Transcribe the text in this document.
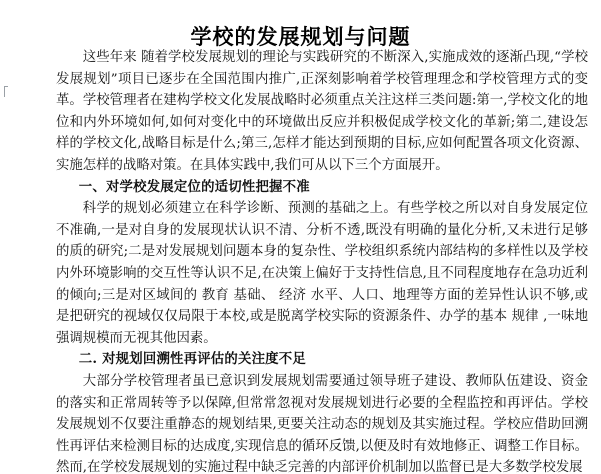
学校的发展规划与问题

这些年来 随着学校发展规划的理论与实践研究的不断深入,实施成效的逐渐凸现,“学校发展规划”项目已逐步在全国范围内推广,正深刻影响着学校管理理念和学校管理方式的变革。学校管理者在建构学校文化发展战略时必须重点关注这样三类问题:第一,学校文化的地位和内外环境如何,如何对变化中的环境做出反应并积极促成学校文化的革新;第二,建设怎样的学校文化,战略目标是什么;第三,怎样才能达到预期的目标,应如何配置各项文化资源、实施怎样的战略对策。在具体实践中,我们可从以下三个方面展开。

一、对学校发展定位的适切性把握不准

科学的规划必须建立在科学诊断、预测的基础之上。有些学校之所以对自身发展定位不准确,一是对自身的发展现状认识不清、分析不透,既没有明确的量化分析,又未进行足够的质的研究;二是对发展规划问题本身的复杂性、学校组织系统内部结构的多样性以及学校内外环境影响的交互性等认识不足,在决策上偏好于支持性信息,且不同程度地存在急功近利的倾向;三是对区域间的 教育 基础、 经济 水平、人口、地理等方面的差异性认识不够,或是把研究的视域仅仅局限于本校,或是脱离学校实际的资源条件、办学的基本 规律 ,一味地强调规模而无视其他因素。

二. 对规划回溯性再评估的关注度不足

大部分学校管理者虽已意识到发展规划需要通过领导班子建设、教师队伍建设、资金的落实和正常周转等予以保障,但常常忽视对发展规划进行必要的全程监控和再评估。学校发展规划不仅要注重静态的规划结果,更要关注动态的规划及其实施过程。学校应借助回溯性再评估来检测目标的达成度,实现信息的循环反馈,以便及时有效地修正、调整工作目标。然而,在学校发展规划的实施过程中缺乏完善的内部评价机制加以监督已是大多数学校发展
